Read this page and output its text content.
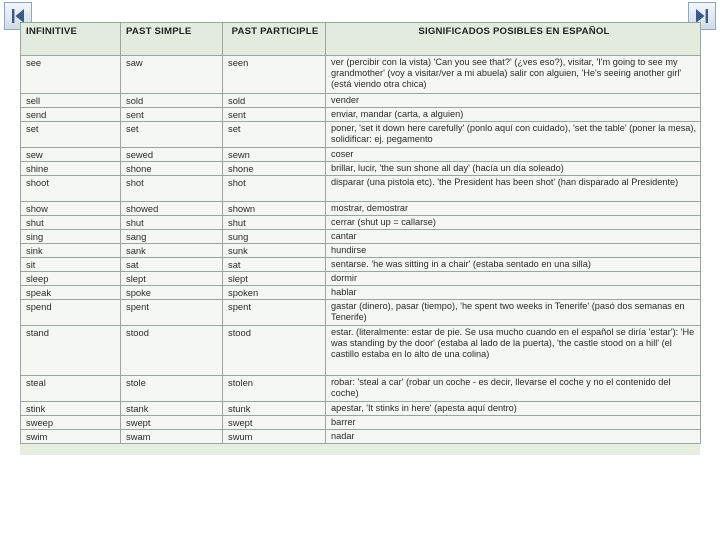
INFINITIVE	PAST SIMPLE	PAST PARTICIPLE	SIGNIFICADOS POSIBLES EN ESPAÑOL
see	saw	seen	ver (percibir con la vista) 'Can you see that?' (¿ves eso?), visitar, 'I'm going to see my grandmother' (voy a visitar/ver a mi abuela) salir con alguien, 'He's seeing another girl' (está viendo otra chica)
sell	sold	sold	vender
send	sent	sent	enviar, mandar (carta, a alguien)
set	set	set	poner, 'set it down here carefully' (ponlo aquí con cuidado), 'set the table' (poner la mesa), solidificar: ej. pegamento
sew	sewed	sewn	coser
shine	shone	shone	brillar, lucir, 'the sun shone all day' (hacía un día soleado)
shoot	shot	shot	disparar (una pistola etc). 'the President has been shot' (han disparado al Presidente)
show	showed	shown	mostrar, demostrar
shut	shut	shut	cerrar (shut up = callarse)
sing	sang	sung	cantar
sink	sank	sunk	hundirse
sit	sat	sat	sentarse. 'he was sitting in a chair' (estaba sentado en una silla)
sleep	slept	slept	dormir
speak	spoke	spoken	hablar
spend	spent	spent	gastar (dinero), pasar (tiempo), 'he spent two weeks in Tenerife' (pasó dos semanas en Tenerife)
stand	stood	stood	estar. (literalmente: estar de pie. Se usa mucho cuando en el español se diría 'estar'): 'He was standing by the door' (estaba al lado de la puerta), 'the castle stood on a hill' (el castillo estaba en lo alto de una colina)
steal	stole	stolen	robar: 'steal a car' (robar un coche - es decir, llevarse el coche y no el contenido del coche)
stink	stank	stunk	apestar, 'It stinks in here' (apesta aquí dentro)
sweep	swept	swept	barrer
swim	swam	swum	nadar
